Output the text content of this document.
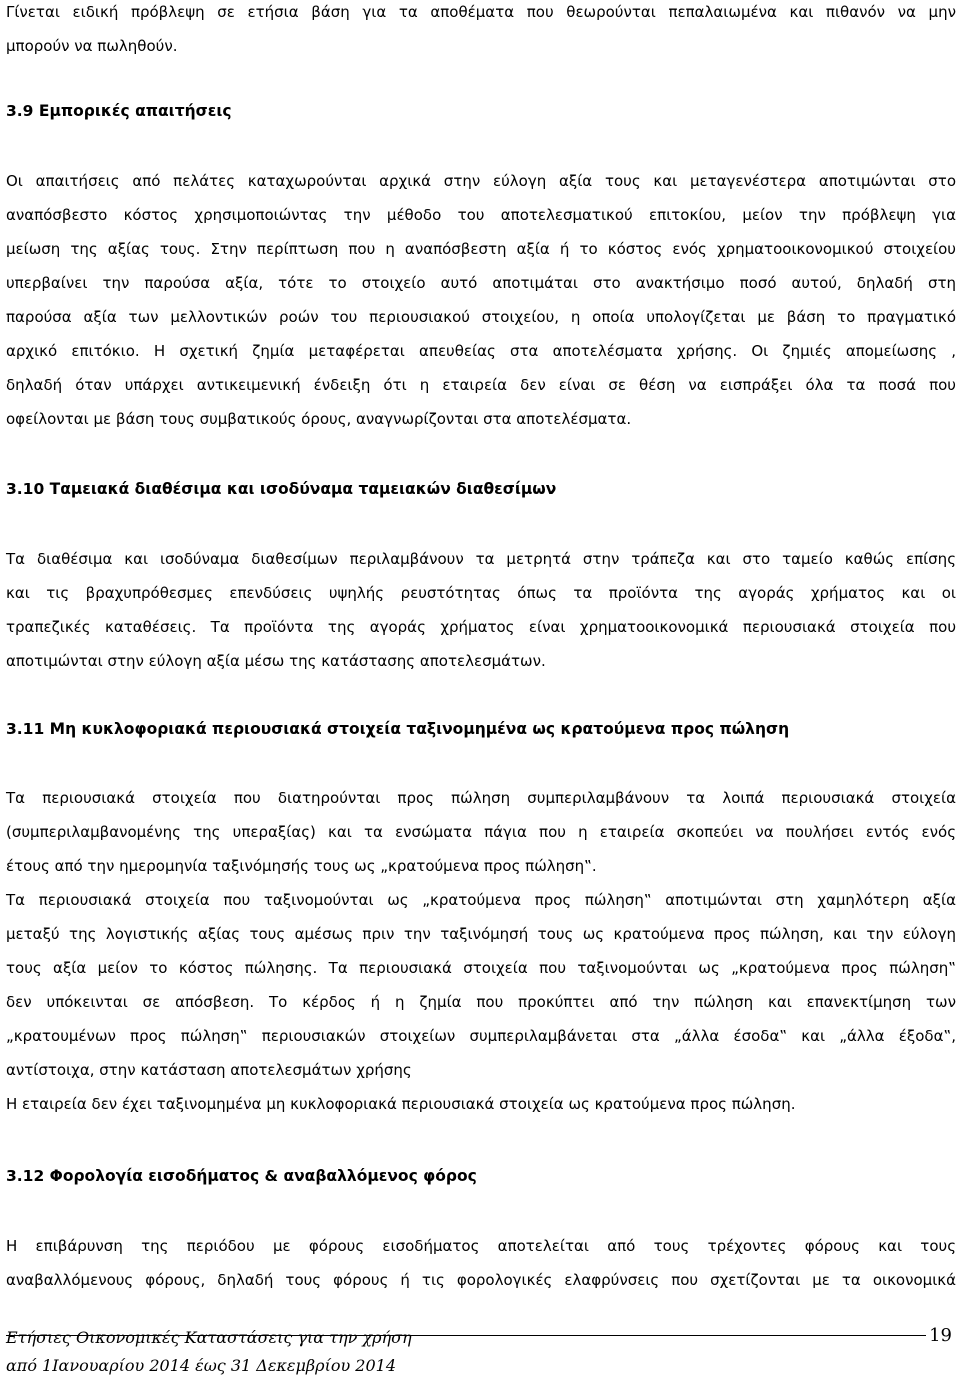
Γίνεται ειδική πρόβλεψη σε ετήσια βάση για τα αποθέματα που θεωρούνται πεπαλαιωμένα και πιθανόν να μην
μπορούν να πωληθούν.
3.9 Εμπορικές απαιτήσεις
Οι απαιτήσεις από πελάτες καταχωρούνται αρχικά στην εύλογη αξία τους και μεταγενέστερα αποτιμώνται στο
αναπόσβεστο κόστος χρησιμοποιώντας την μέθοδο του αποτελεσματικού επιτοκίου, μείον την πρόβλεψη για
μείωση της αξίας τους. Στην περίπτωση που η αναπόσβεστη αξία ή το κόστος ενός χρηματοοικονομικού στοιχείου
υπερβαίνει την παρούσα αξία, τότε το στοιχείο αυτό αποτιμάται στο ανακτήσιμο ποσό αυτού, δηλαδή στη
παρούσα αξία των μελλοντικών ροών του περιουσιακού στοιχείου, η οποία υπολογίζεται με βάση το πραγματικό
αρχικό επιτόκιο. Η σχετική ζημία μεταφέρεται απευθείας στα αποτελέσματα χρήσης. Οι ζημιές απομείωσης ,
δηλαδή όταν υπάρχει αντικειμενική ένδειξη ότι η εταιρεία δεν είναι σε θέση να εισπράξει όλα τα ποσά που
οφείλονται με βάση τους συμβατικούς όρους, αναγνωρίζονται στα αποτελέσματα.
3.10 Ταμειακά διαθέσιμα και ισοδύναμα ταμειακών διαθεσίμων
Τα διαθέσιμα και ισοδύναμα διαθεσίμων περιλαμβάνουν τα μετρητά στην τράπεζα και στο ταμείο καθώς επίσης
και τις βραχυπρόθεσμες επενδύσεις υψηλής ρευστότητας όπως τα προϊόντα της αγοράς χρήματος και οι
τραπεζικές καταθέσεις. Τα προϊόντα της αγοράς χρήματος είναι χρηματοοικονομικά περιουσιακά στοιχεία που
αποτιμώνται στην εύλογη αξία μέσω της κατάστασης αποτελεσμάτων.
3.11 Μη κυκλοφοριακά περιουσιακά στοιχεία ταξινομημένα ως κρατούμενα προς πώληση
Τα περιουσιακά στοιχεία που διατηρούνται προς πώληση συμπεριλαμβάνουν τα λοιπά περιουσιακά στοιχεία
(συμπεριλαμβανομένης της υπεραξίας) και τα ενσώματα πάγια που η εταιρεία σκοπεύει να πουλήσει εντός ενός
έτους από την ημερομηνία ταξινόμησής τους ως „κρατούμενα προς πώληση‟.
Τα περιουσιακά στοιχεία που ταξινομούνται ως „κρατούμενα προς πώληση‟ αποτιμώνται στη χαμηλότερη αξία
μεταξύ της λογιστικής αξίας τους αμέσως πριν την ταξινόμησή τους ως κρατούμενα προς πώληση, και την εύλογη
τους αξία μείον το κόστος πώλησης. Τα περιουσιακά στοιχεία που ταξινομούνται ως „κρατούμενα προς πώληση‟
δεν υπόκεινται σε απόσβεση. Το κέρδος ή η ζημία που προκύπτει από την πώληση και επανεκτίμηση των
„κρατουμένων προς πώληση‟ περιουσιακών στοιχείων συμπεριλαμβάνεται στα „άλλα έσοδα‟ και „άλλα έξοδα‟,
αντίστοιχα, στην κατάσταση αποτελεσμάτων χρήσης
Η εταιρεία δεν έχει ταξινομημένα μη κυκλοφοριακά περιουσιακά στοιχεία ως κρατούμενα προς πώληση.
3.12 Φορολογία εισοδήματος & αναβαλλόμενος φόρος
Η επιβάρυνση της περιόδου με φόρους εισοδήματος αποτελείται από τους τρέχοντες φόρους και τους
αναβαλλόμενους φόρους, δηλαδή τους φόρους ή τις φορολογικές ελαφρύνσεις που σχετίζονται με τα οικονομικά
Ετήσιες Οικονομικές Καταστάσεις για την χρήση	19
από 1Ιανουαρίου 2014 έως 31 Δεκεμβρίου 2014
